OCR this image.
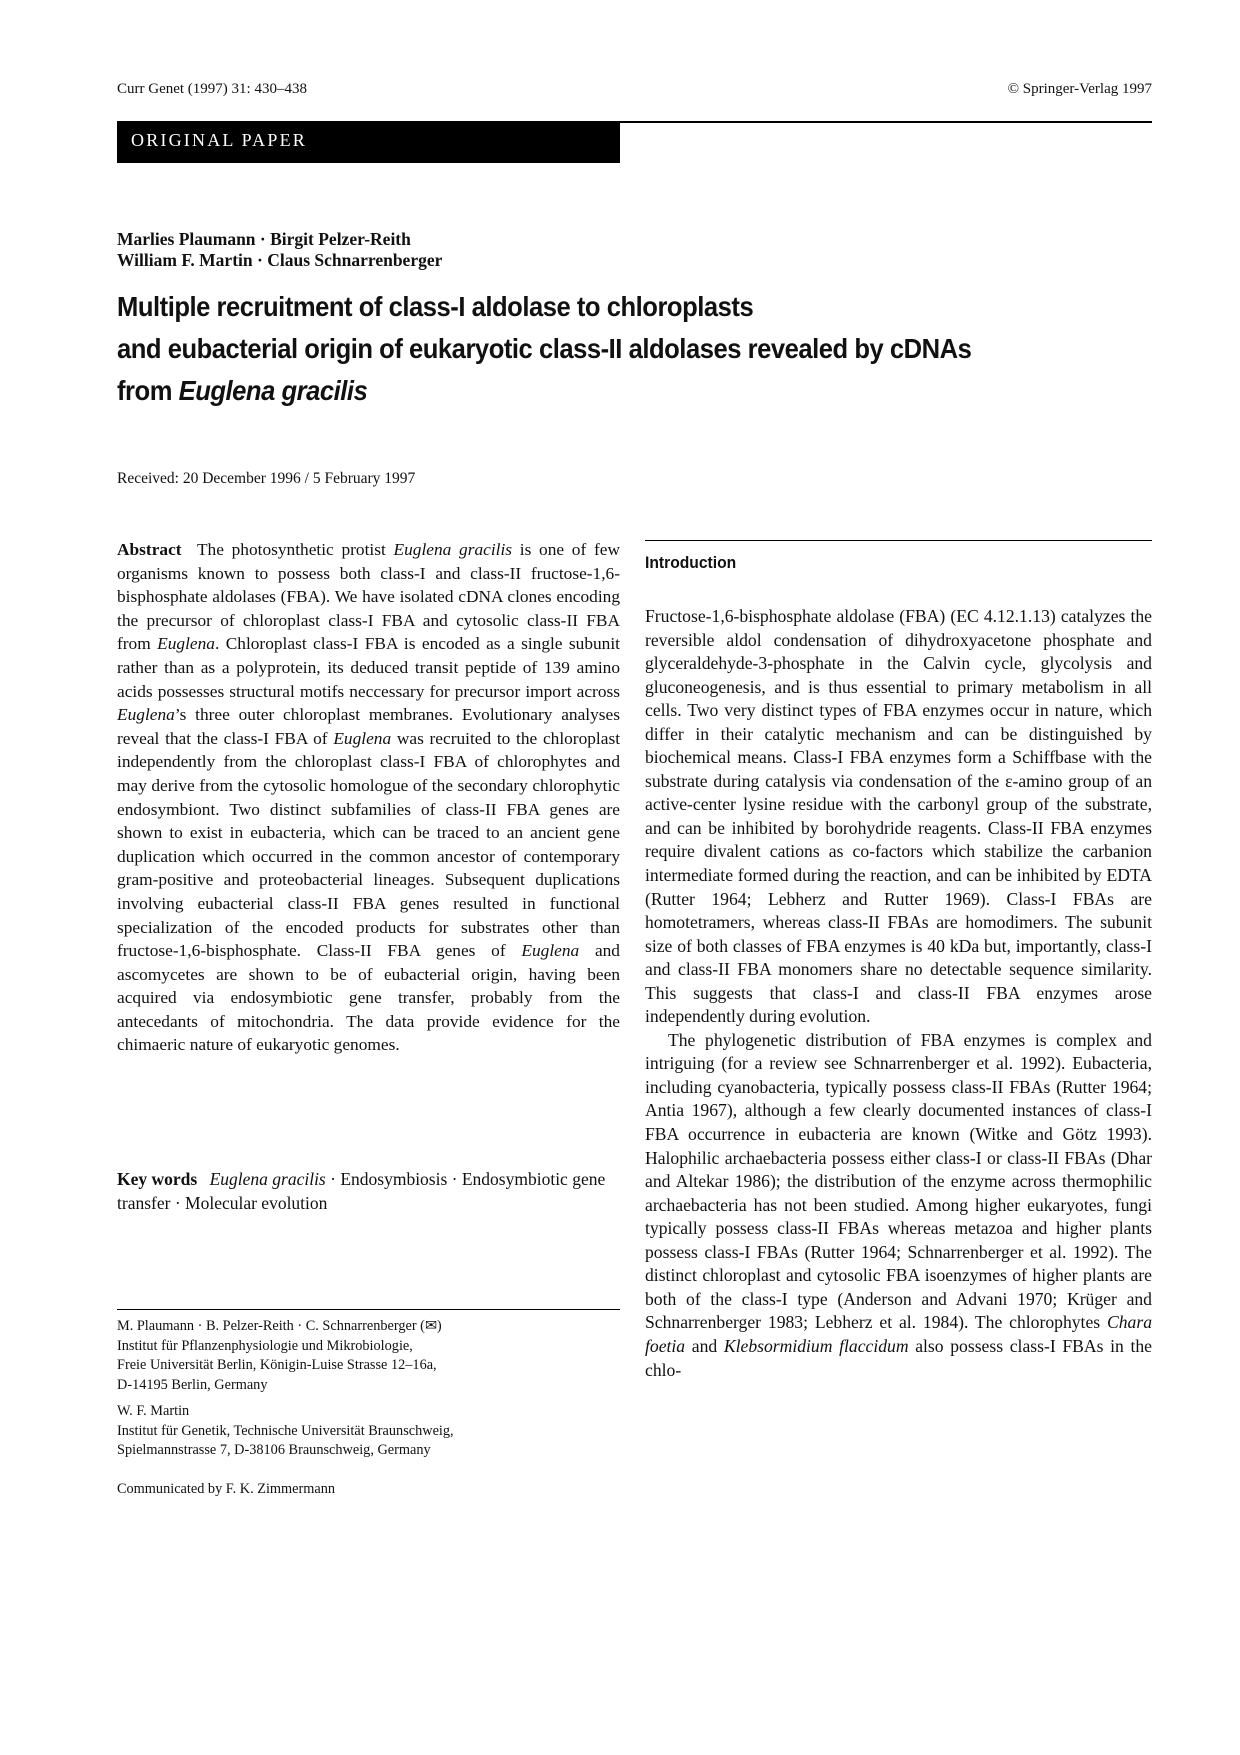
Curr Genet (1997) 31: 430–438	© Springer-Verlag 1997
ORIGINAL PAPER
Marlies Plaumann · Birgit Pelzer-Reith
William F. Martin · Claus Schnarrenberger
Multiple recruitment of class-I aldolase to chloroplasts
and eubacterial origin of eukaryotic class-II aldolases revealed by cDNAs
from Euglena gracilis
Received: 20 December 1996 / 5 February 1997
Abstract The photosynthetic protist Euglena gracilis is one of few organisms known to possess both class-I and class-II fructose-1,6-bisphosphate aldolases (FBA). We have isolated cDNA clones encoding the precursor of chloroplast class-I FBA and cytosolic class-II FBA from Euglena. Chloroplast class-I FBA is encoded as a single subunit rather than as a polyprotein, its deduced transit peptide of 139 amino acids possesses structural motifs neccessary for precursor import across Euglena’s three outer chloroplast membranes. Evolutionary analyses reveal that the class-I FBA of Euglena was recruited to the chloroplast independently from the chloroplast class-I FBA of chlorophytes and may derive from the cytosolic homologue of the secondary chlorophytic endosymbiont. Two distinct subfamilies of class-II FBA genes are shown to exist in eubacteria, which can be traced to an ancient gene duplication which occurred in the common ancestor of contemporary gram-positive and proteobacterial lineages. Subsequent duplications involving eubacterial class-II FBA genes resulted in functional specialization of the encoded products for substrates other than fructose-1,6-bisphosphate. Class-II FBA genes of Euglena and ascomycetes are shown to be of eubacterial origin, having been acquired via endosymbiotic gene transfer, probably from the antecedants of mitochondria. The data provide evidence for the chimaeric nature of eukaryotic genomes.
Key words Euglena gracilis · Endosymbiosis · Endosymbiotic gene transfer · Molecular evolution
M. Plaumann · B. Pelzer-Reith · C. Schnarrenberger (✉)
Institut für Pflanzenphysiologie und Mikrobiologie,
Freie Universität Berlin, Königin-Luise Strasse 12–16a,
D-14195 Berlin, Germany
W. F. Martin
Institut für Genetik, Technische Universität Braunschweig,
Spielmannstrasse 7, D-38106 Braunschweig, Germany
Communicated by F. K. Zimmermann
Introduction

Fructose-1,6-bisphosphate aldolase (FBA) (EC 4.12.1.13) catalyzes the reversible aldol condensation of dihydroxyacetone phosphate and glyceraldehyde-3-phosphate in the Calvin cycle, glycolysis and gluconeogenesis, and is thus essential to primary metabolism in all cells. Two very distinct types of FBA enzymes occur in nature, which differ in their catalytic mechanism and can be distinguished by biochemical means. Class-I FBA enzymes form a Schiffbase with the substrate during catalysis via condensation of the ε-amino group of an active-center lysine residue with the carbonyl group of the substrate, and can be inhibited by borohydride reagents. Class-II FBA enzymes require divalent cations as co-factors which stabilize the carbanion intermediate formed during the reaction, and can be inhibited by EDTA (Rutter 1964; Lebherz and Rutter 1969). Class-I FBAs are homotetramers, whereas class-II FBAs are homodimers. The subunit size of both classes of FBA enzymes is 40 kDa but, importantly, class-I and class-II FBA monomers share no detectable sequence similarity. This suggests that class-I and class-II FBA enzymes arose independently during evolution.

The phylogenetic distribution of FBA enzymes is complex and intriguing (for a review see Schnarrenberger et al. 1992). Eubacteria, including cyanobacteria, typically possess class-II FBAs (Rutter 1964; Antia 1967), although a few clearly documented instances of class-I FBA occurrence in eubacteria are known (Witke and Götz 1993). Halophilic archaebacteria possess either class-I or class-II FBAs (Dhar and Altekar 1986); the distribution of the enzyme across thermophilic archaebacteria has not been studied. Among higher eukaryotes, fungi typically possess class-II FBAs whereas metazoa and higher plants possess class-I FBAs (Rutter 1964; Schnarrenberger et al. 1992). The distinct chloroplast and cytosolic FBA isoenzymes of higher plants are both of the class-I type (Anderson and Advani 1970; Krüger and Schnarrenberger 1983; Lebherz et al. 1984). The chlorophytes Chara foetia and Klebsormidium flaccidum also possess class-I FBAs in the chlo-
